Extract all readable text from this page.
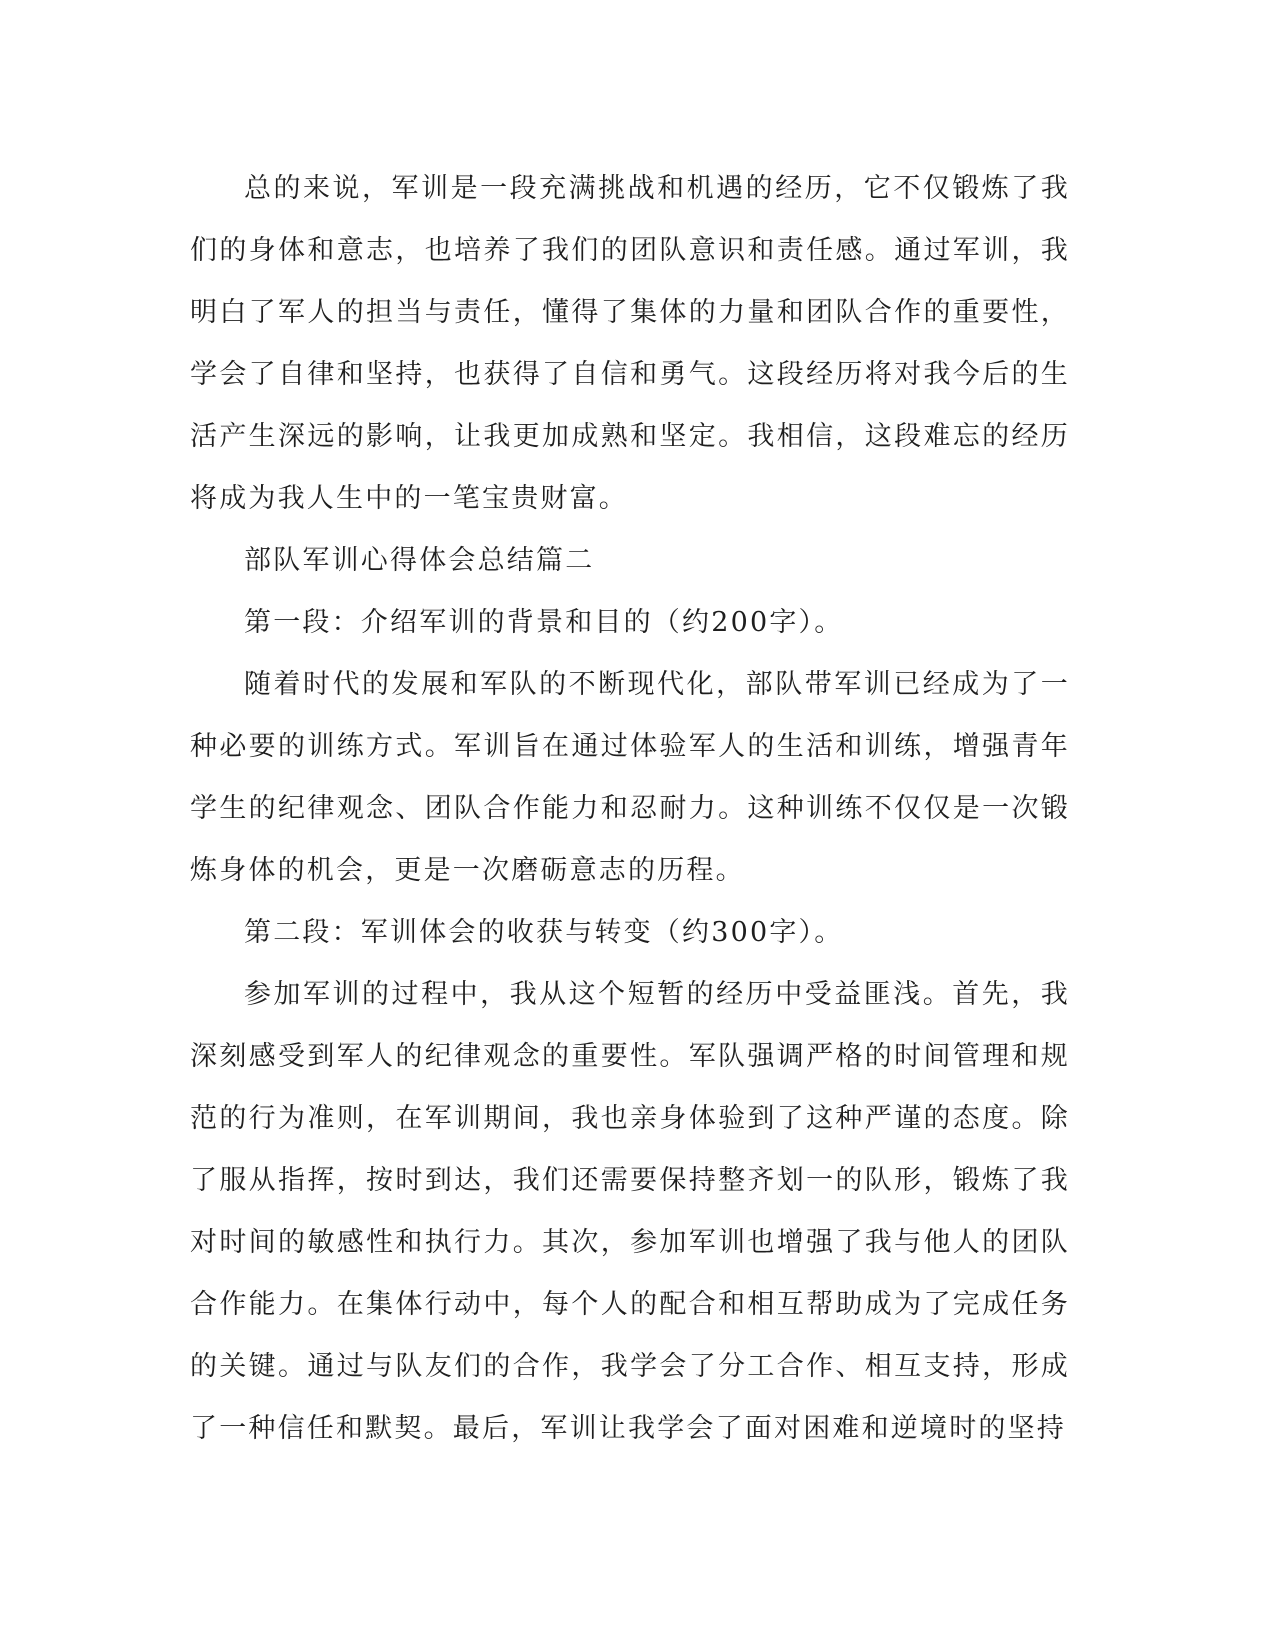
总的来说，军训是一段充满挑战和机遇的经历，它不仅锻炼了我们的身体和意志，也培养了我们的团队意识和责任感。通过军训，我明白了军人的担当与责任，懂得了集体的力量和团队合作的重要性，学会了自律和坚持，也获得了自信和勇气。这段经历将对我今后的生活产生深远的影响，让我更加成熟和坚定。我相信，这段难忘的经历将成为我人生中的一笔宝贵财富。

部队军训心得体会总结篇二

第一段：介绍军训的背景和目的（约200字）。

随着时代的发展和军队的不断现代化，部队带军训已经成为了一种必要的训练方式。军训旨在通过体验军人的生活和训练，增强青年学生的纪律观念、团队合作能力和忍耐力。这种训练不仅仅是一次锻炼身体的机会，更是一次磨砺意志的历程。

第二段：军训体会的收获与转变（约300字）。

参加军训的过程中，我从这个短暂的经历中受益匪浅。首先，我深刻感受到军人的纪律观念的重要性。军队强调严格的时间管理和规范的行为准则，在军训期间，我也亲身体验到了这种严谨的态度。除了服从指挥，按时到达，我们还需要保持整齐划一的队形，锻炼了我对时间的敏感性和执行力。其次，参加军训也增强了我与他人的团队合作能力。在集体行动中，每个人的配合和相互帮助成为了完成任务的关键。通过与队友们的合作，我学会了分工合作、相互支持，形成了一种信任和默契。最后，军训让我学会了面对困难和逆境时的坚持
